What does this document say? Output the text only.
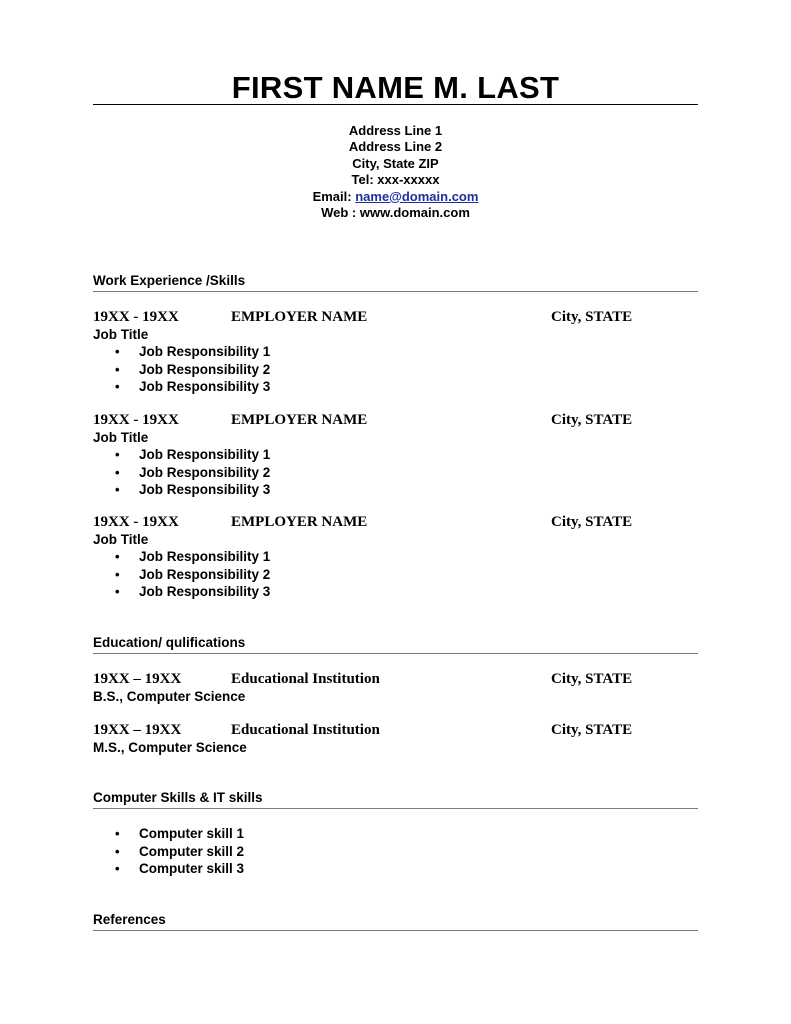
FIRST NAME M. LAST
Address Line 1
Address Line 2
City, State ZIP
Tel: xxx-xxxxx
Email: name@domain.com
Web : www.domain.com
Work Experience /Skills
19XX - 19XX	EMPLOYER NAME	City, STATE
Job Title
• Job Responsibility 1
• Job Responsibility 2
• Job Responsibility 3
19XX - 19XX	EMPLOYER NAME	City, STATE
Job Title
• Job Responsibility 1
• Job Responsibility 2
• Job Responsibility 3
19XX - 19XX	EMPLOYER NAME	City, STATE
Job Title
• Job Responsibility 1
• Job Responsibility 2
• Job Responsibility 3
Education/ qulifications
19XX – 19XX	Educational Institution	City, STATE
B.S., Computer Science
19XX – 19XX	Educational Institution	City, STATE
M.S., Computer Science
Computer Skills & IT skills
• Computer skill 1
• Computer skill 2
• Computer skill 3
References
